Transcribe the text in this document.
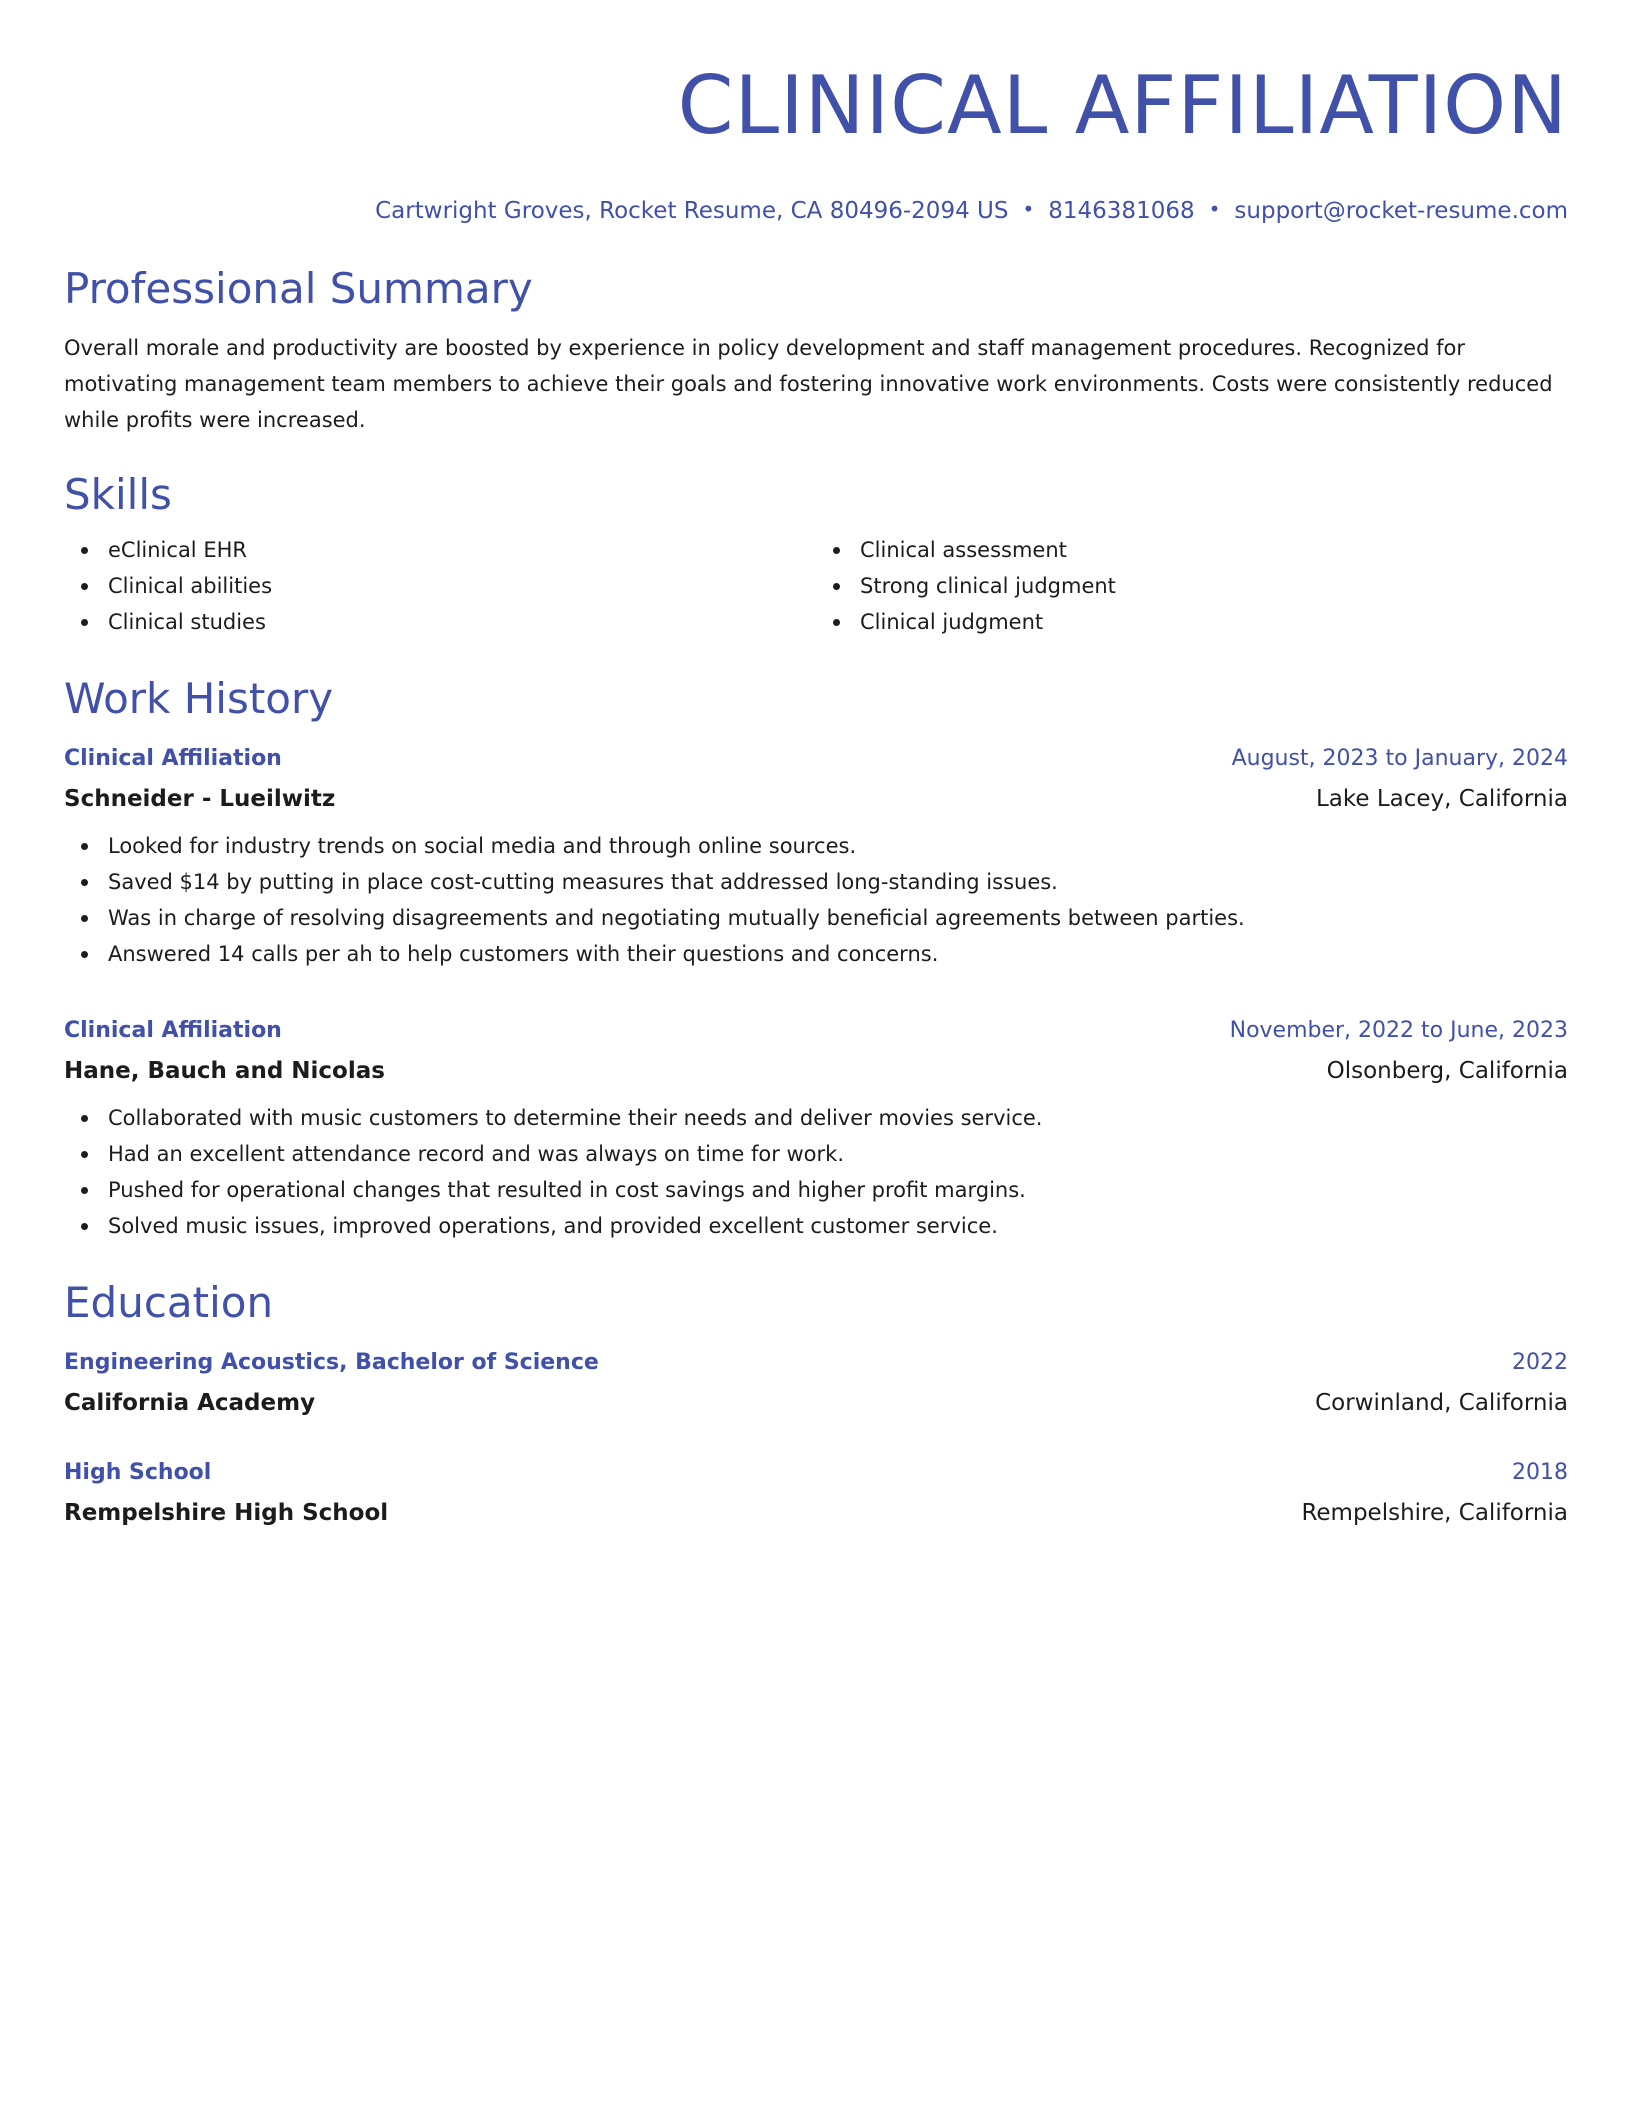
CLINICAL AFFILIATION
Cartwright Groves, Rocket Resume, CA 80496-2094 US • 8146381068 • support@rocket-resume.com
Professional Summary

Overall morale and productivity are boosted by experience in policy development and staff management procedures. Recognized for motivating management team members to achieve their goals and fostering innovative work environments. Costs were consistently reduced while profits were increased.

Skills
eClinical EHR
Clinical abilities
Clinical studies
Clinical assessment
Strong clinical judgment
Clinical judgment
Work History
Clinical Affiliation	August, 2023 to January, 2024
Schneider - Lueilwitz	Lake Lacey, California
Looked for industry trends on social media and through online sources.
Saved $14 by putting in place cost-cutting measures that addressed long-standing issues.
Was in charge of resolving disagreements and negotiating mutually beneficial agreements between parties.
Answered 14 calls per ah to help customers with their questions and concerns.
Clinical Affiliation	November, 2022 to June, 2023
Hane, Bauch and Nicolas	Olsonberg, California
Collaborated with music customers to determine their needs and deliver movies service.
Had an excellent attendance record and was always on time for work.
Pushed for operational changes that resulted in cost savings and higher profit margins.
Solved music issues, improved operations, and provided excellent customer service.
Education
Engineering Acoustics, Bachelor of Science	2022
California Academy	Corwinland, California
High School	2018
Rempelshire High School	Rempelshire, California
